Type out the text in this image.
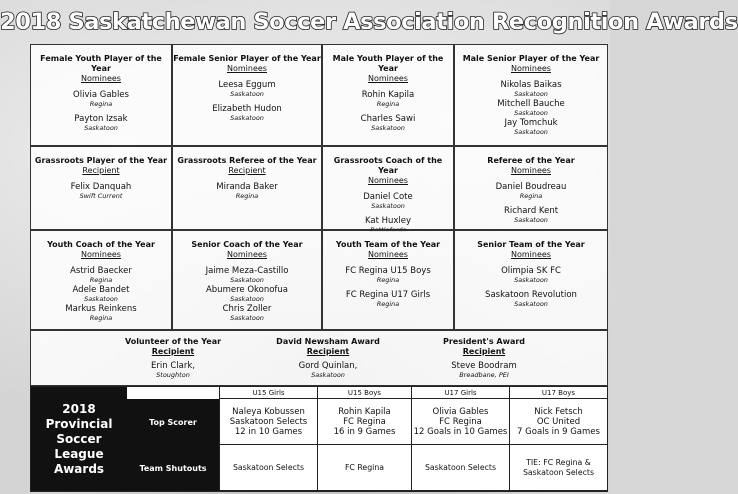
2018 Saskatchewan Soccer Association Recognition Awards
Female Youth Player of the Year
Nominees
Olivia Gables
Regina
Payton Izsak
Saskatoon
Female Senior Player of the Year
Nominees
Leesa Eggum
Saskatoon
Elizabeth Hudon
Saskatoon
Male Youth Player of the Year
Nominees
Rohin Kapila
Regina
Charles Sawi
Saskatoon
Male Senior Player of the Year
Nominees
Nikolas Baikas
Saskatoon
Mitchell Bauche
Saskatoon
Jay Tomchuk
Saskatoon
Grassroots Player of the Year
Recipient
Felix Danquah
Swift Current
Grassroots Referee of the Year
Recipient
Miranda Baker
Regina
Grassroots Coach of the Year
Nominees
Daniel Cote
Saskatoon
Kat Huxley
Referee of the Year
Nominees
Daniel Boudreau
Regina
Richard Kent
Saskatoon
Youth Coach of the Year
Nominees
Astrid Baecker
Regina
Adele Bandet
Saskatoon
Markus Reinkens
Regina
Senior Coach of the Year
Nominees
Jaime Meza-Castillo
Saskatoon
Abumere Okonofua
Saskatoon
Chris Zoller
Saskatoon
Youth Team of the Year
Nominees
FC Regina U15 Boys
Regina
FC Regina U17 Girls
Regina
Senior Team of the Year
Nominees
Olimpia SK FC
Saskatoon
Saskatoon Revolution
Saskatoon
Volunteer of the Year
Recipient
Erin Clark,
Stoughton
David Newsham Award
Recipient
Gord Quinlan,
Saskatoon
President's Award
Recipient
Steve Boodram
Breadbane, PEI
2018
Provincial
Soccer League
Awards
Top Scorer
Team Shutouts
U15 Girls
Naleya Kobussen
Saskatoon Selects
12 in 10 Games
Saskatoon Selects
U15 Boys
Rohin Kapila
FC Regina
16 in 9 Games
FC Regina
U17 Girls
Olivia Gables
FC Regina
12 Goals in 10 Games
Saskatoon Selects
U17 Boys
Nick Fetsch
OC United
7 Goals in 9 Games
TIE: FC Regina &
Saskatoon Selects
